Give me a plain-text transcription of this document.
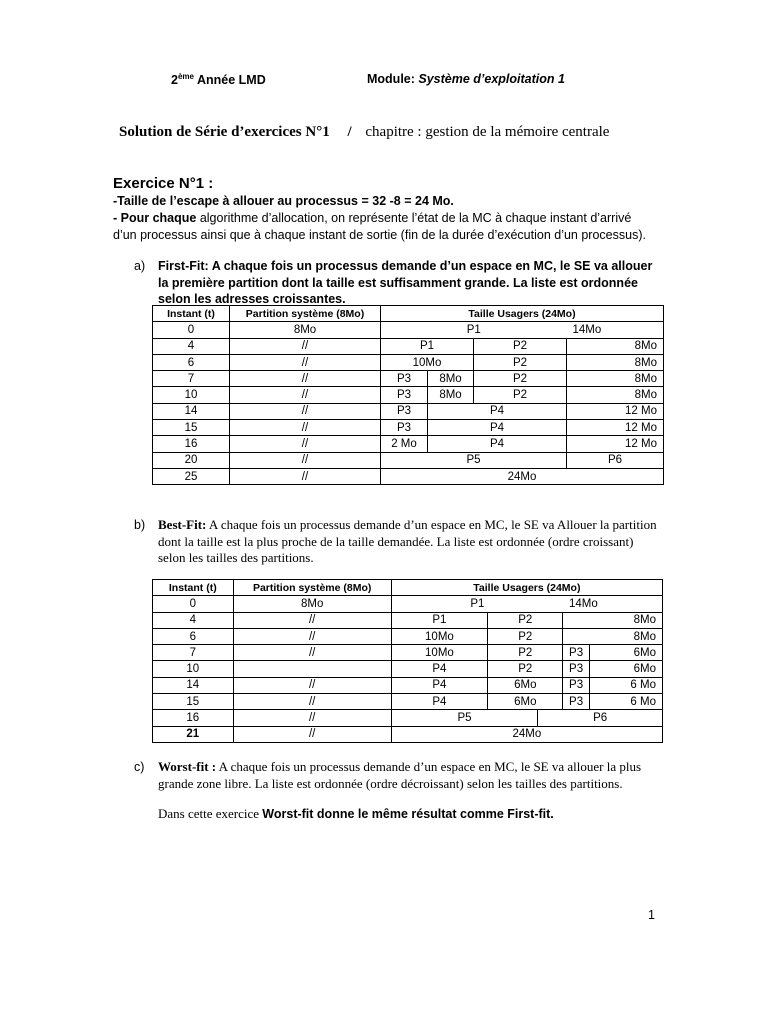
2ème Année LMD	Module: Système d’exploitation 1
Solution de Série d’exercices N°1 / chapitre : gestion de la mémoire centrale
Exercice N°1 :
-Taille de l’escape à allouer au processus = 32 -8 = 24 Mo.

- Pour chaque algorithme d’allocation, on représente l’état de la MC à chaque instant d’arrivé d’un processus ainsi que à chaque instant de sortie (fin de la durée d’exécution d’un processus).

a) First-Fit: A chaque fois un processus demande d’un espace en MC, le SE va allouer la première partition dont la taille est suffisamment grande. La liste est ordonnée selon les adresses croissantes.

Instant (t)	Partition système (8Mo)	Taille Usagers (24Mo)			
0	8Mo	P1			14Mo
4	//	P1		P2	8Mo
6	//	10Mo		P2	8Mo
7	//	P3	8Mo	P2	8Mo
10	//	P3	8Mo	P2	8Mo
14	//	P3	P4		12 Mo
15	//	P3	P4		12 Mo
16	//	2 Mo	P4		12 Mo
20	//	P5			P6
25	//	24Mo			
b) Best-Fit: A chaque fois un processus demande d’un espace en MC, le SE va Allouer la partition dont la taille est la plus proche de la taille demandée. La liste est ordonnée (ordre croissant) selon les tailles des partitions.

Instant (t)	Partition système (8Mo)	Taille Usagers (24Mo)				
0	8Mo	P1			14Mo	
4	//	P1	P2		8Mo	
6	//	10Mo	P2		8Mo	
7	//	10Mo	P2		P3	6Mo
10		P4	P2		P3	6Mo
14	//	P4	6Mo		P3	6 Mo
15	//	P4	6Mo		P3	6 Mo
16	//	P5		P6		
21	//	24Mo				
c) Worst-fit : A chaque fois un processus demande d’un espace en MC, le SE va allouer la plus grande zone libre. La liste est ordonnée (ordre décroissant) selon les tailles des partitions.

Dans cette exercice Worst-fit donne le même résultat comme First-fit.

1
